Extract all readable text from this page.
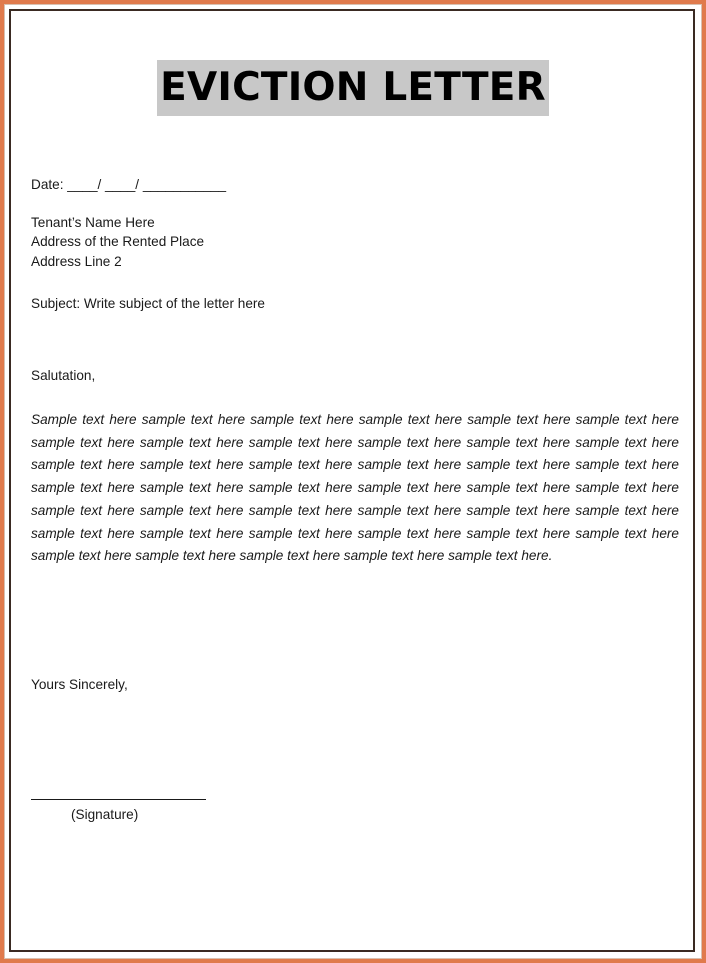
EVICTION LETTER
Date: ____/ ____/ ___________
Tenant’s Name Here
Address of the Rented Place
Address Line 2
Subject: Write subject of the letter here
Salutation,
Sample text here sample text here sample text here sample text here sample text here sample text here sample text here sample text here sample text here sample text here sample text here sample text here sample text here sample text here sample text here sample text here sample text here sample text here sample text here sample text here sample text here sample text here sample text here sample text here sample text here sample text here sample text here sample text here sample text here sample text here sample text here sample text here sample text here sample text here sample text here sample text here sample text here sample text here sample text here sample text here sample text here.
Yours Sincerely,
(Signature)
